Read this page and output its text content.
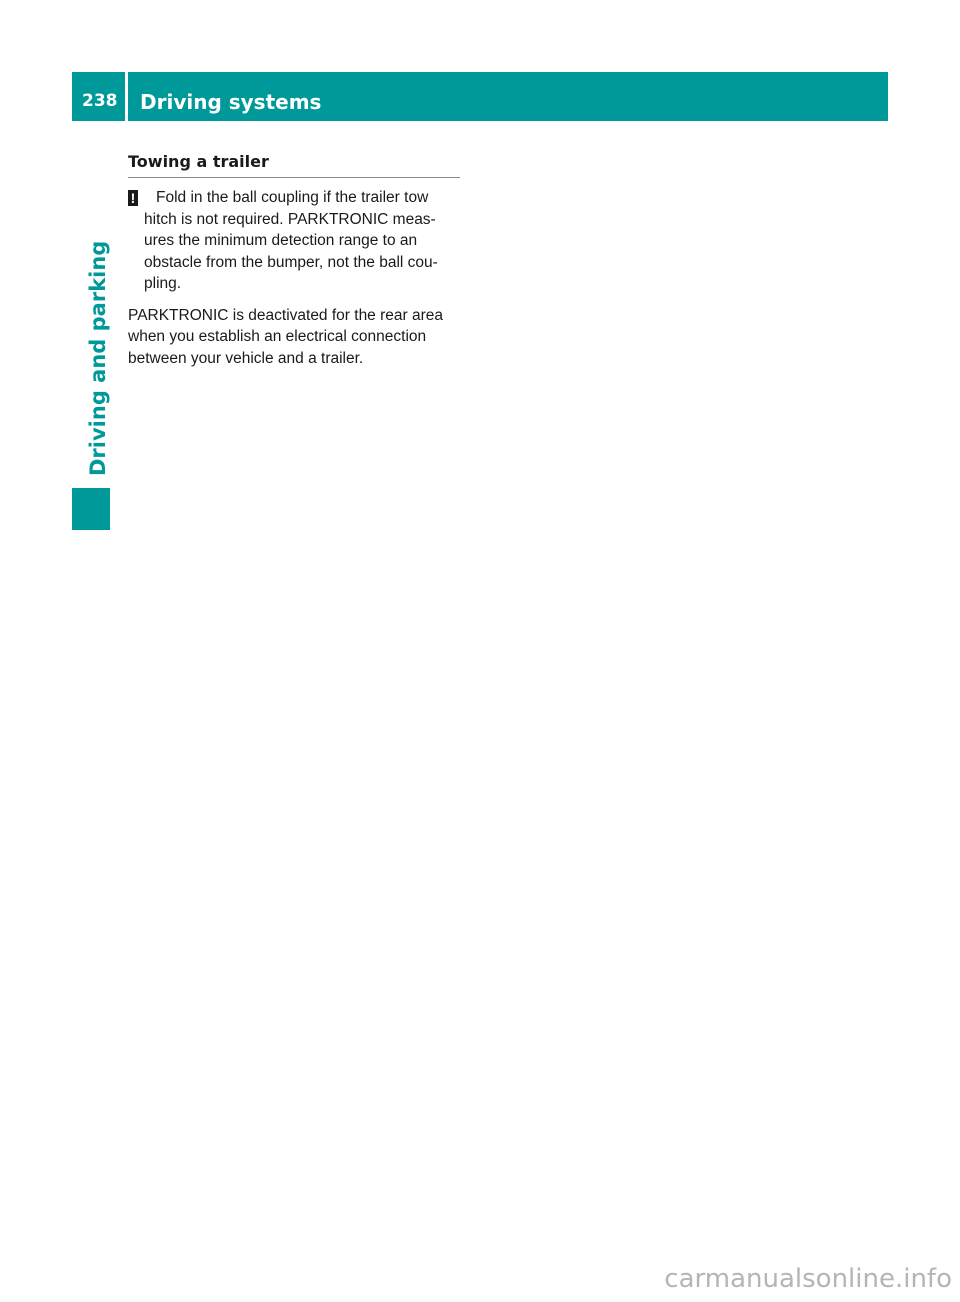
238	Driving systems
Driving and parking
Towing a trailer
! Fold in the ball coupling if the trailer tow
hitch is not required. PARKTRONIC meas-
ures the minimum detection range to an
obstacle from the bumper, not the ball cou-
pling.

PARKTRONIC is deactivated for the rear area
when you establish an electrical connection
between your vehicle and a trailer.

carmanualsonline.info
